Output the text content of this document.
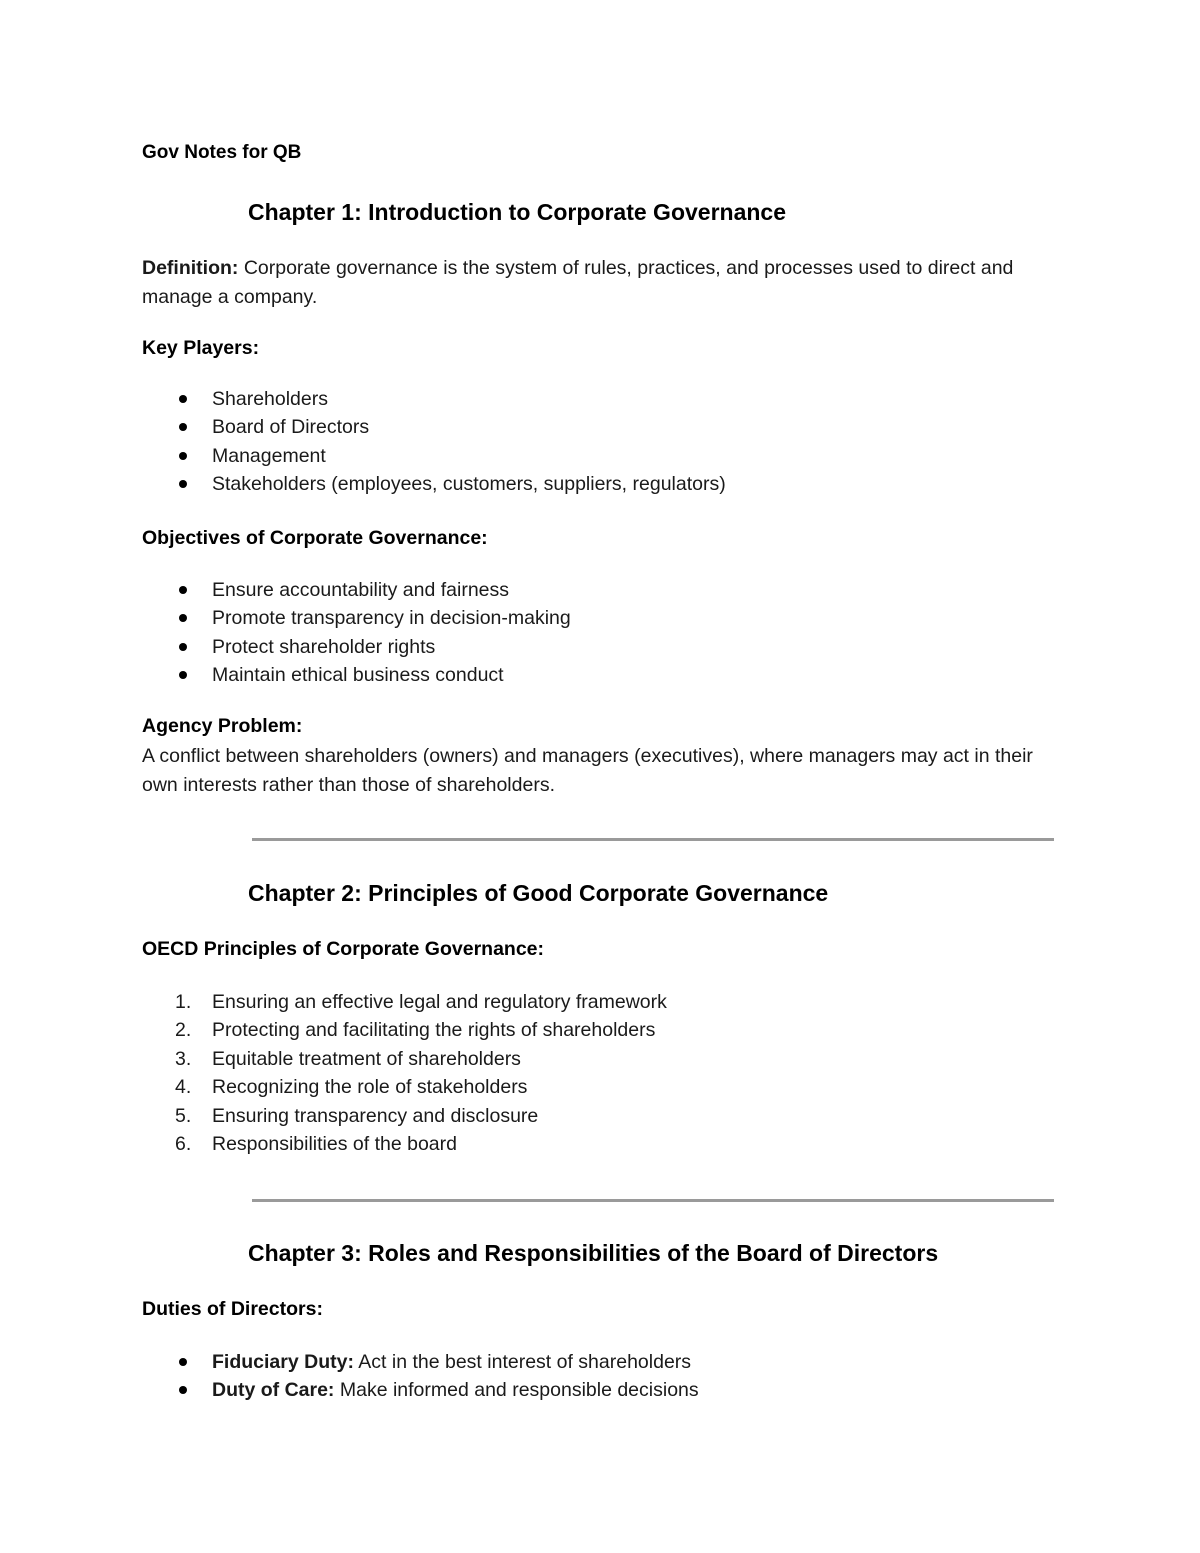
Gov Notes for QB

Chapter 1: Introduction to Corporate Governance

Definition: Corporate governance is the system of rules, practices, and processes used to direct and manage a company.

Key Players:

Shareholders
Board of Directors
Management
Stakeholders (employees, customers, suppliers, regulators)

Objectives of Corporate Governance:

Ensure accountability and fairness
Promote transparency in decision-making
Protect shareholder rights
Maintain ethical business conduct

Agency Problem:

A conflict between shareholders (owners) and managers (executives), where managers may act in their own interests rather than those of shareholders.

Chapter 2: Principles of Good Corporate Governance

OECD Principles of Corporate Governance:

1. Ensuring an effective legal and regulatory framework
2. Protecting and facilitating the rights of shareholders
3. Equitable treatment of shareholders
4. Recognizing the role of stakeholders
5. Ensuring transparency and disclosure
6. Responsibilities of the board
Chapter 3: Roles and Responsibilities of the Board of Directors

Duties of Directors:

Fiduciary Duty: Act in the best interest of shareholders
Duty of Care: Make informed and responsible decisions
